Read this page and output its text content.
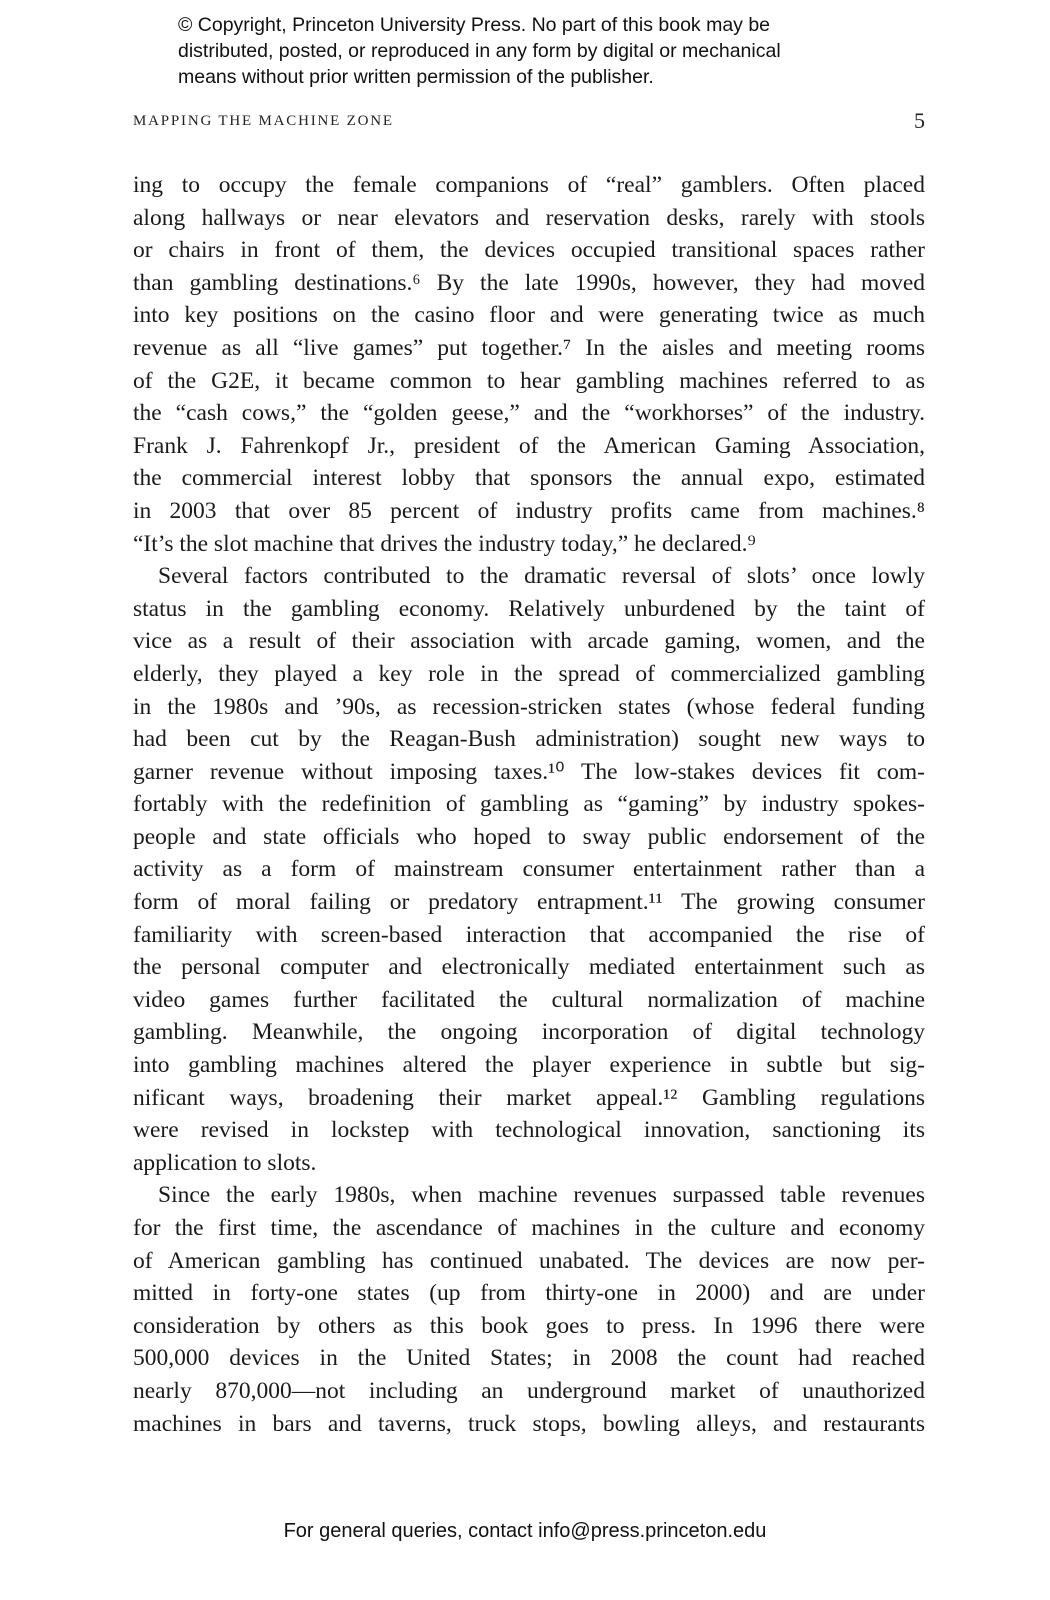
© Copyright, Princeton University Press. No part of this book may be
distributed, posted, or reproduced in any form by digital or mechanical
means without prior written permission of the publisher.
MAPPING THE MACHINE ZONE	5
ing to occupy the female companions of “real” gamblers. Often placed
along hallways or near elevators and reservation desks, rarely with stools
or chairs in front of them, the devices occupied transitional spaces rather
than gambling destinations.⁶ By the late 1990s, however, they had moved
into key positions on the casino floor and were generating twice as much
revenue as all “live games” put together.⁷ In the aisles and meeting rooms
of the G2E, it became common to hear gambling machines referred to as
the “cash cows,” the “golden geese,” and the “workhorses” of the industry.
Frank J. Fahrenkopf Jr., president of the American Gaming Association,
the commercial interest lobby that sponsors the annual expo, estimated
in 2003 that over 85 percent of industry profits came from machines.⁸
“It’s the slot machine that drives the industry today,” he declared.⁹
Several factors contributed to the dramatic reversal of slots’ once lowly
status in the gambling economy. Relatively unburdened by the taint of
vice as a result of their association with arcade gaming, women, and the
elderly, they played a key role in the spread of commercialized gambling
in the 1980s and ’90s, as recession-stricken states (whose federal funding
had been cut by the Reagan-Bush administration) sought new ways to
garner revenue without imposing taxes.¹⁰ The low-stakes devices fit com-
fortably with the redefinition of gambling as “gaming” by industry spokes-
people and state officials who hoped to sway public endorsement of the
activity as a form of mainstream consumer entertainment rather than a
form of moral failing or predatory entrapment.¹¹ The growing consumer
familiarity with screen-based interaction that accompanied the rise of
the personal computer and electronically mediated entertainment such as
video games further facilitated the cultural normalization of machine
gambling. Meanwhile, the ongoing incorporation of digital technology
into gambling machines altered the player experience in subtle but sig-
nificant ways, broadening their market appeal.¹² Gambling regulations
were revised in lockstep with technological innovation, sanctioning its
application to slots.
Since the early 1980s, when machine revenues surpassed table revenues
for the first time, the ascendance of machines in the culture and economy
of American gambling has continued unabated. The devices are now per-
mitted in forty-one states (up from thirty-one in 2000) and are under
consideration by others as this book goes to press. In 1996 there were
500,000 devices in the United States; in 2008 the count had reached
nearly 870,000—not including an underground market of unauthorized
machines in bars and taverns, truck stops, bowling alleys, and restaurants
For general queries, contact info@press.princeton.edu
